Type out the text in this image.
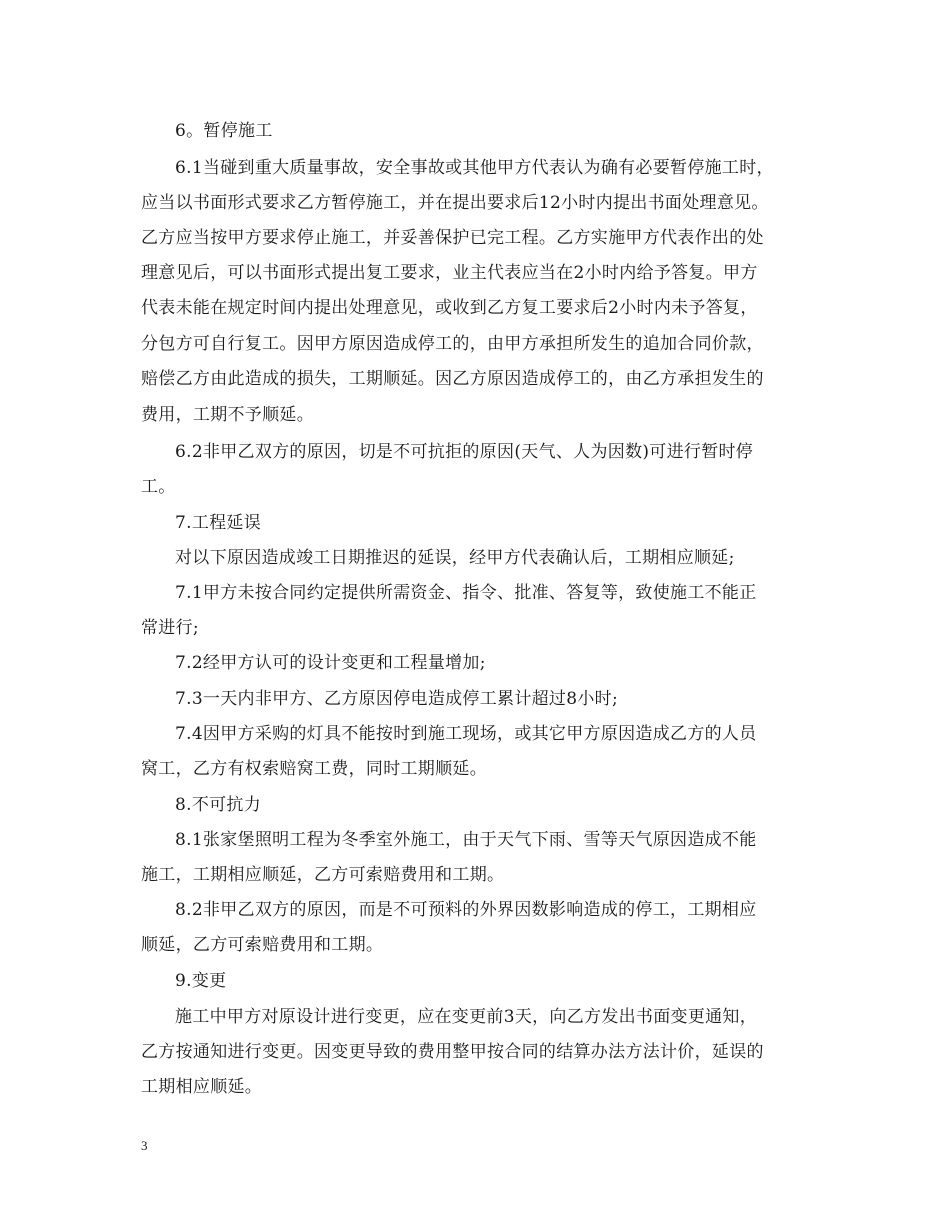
6。暂停施工
6.1当碰到重大质量事故，安全事故或其他甲方代表认为确有必要暂停施工时，
应当以书面形式要求乙方暂停施工，并在提出要求后12小时内提出书面处理意见。
乙方应当按甲方要求停止施工，并妥善保护已完工程。乙方实施甲方代表作出的处
理意见后，可以书面形式提出复工要求，业主代表应当在2小时内给予答复。甲方
代表未能在规定时间内提出处理意见，或收到乙方复工要求后2小时内未予答复，
分包方可自行复工。因甲方原因造成停工的，由甲方承担所发生的追加合同价款，
赔偿乙方由此造成的损失，工期顺延。因乙方原因造成停工的，由乙方承担发生的
费用，工期不予顺延。
6.2非甲乙双方的原因，切是不可抗拒的原因(天气、人为因数)可进行暂时停
工。
7.工程延误
对以下原因造成竣工日期推迟的延误，经甲方代表确认后，工期相应顺延;
7.1甲方未按合同约定提供所需资金、指令、批准、答复等，致使施工不能正
常进行;
7.2经甲方认可的设计变更和工程量增加;
7.3一天内非甲方、乙方原因停电造成停工累计超过8小时;
7.4因甲方采购的灯具不能按时到施工现场，或其它甲方原因造成乙方的人员
窝工，乙方有权索赔窝工费，同时工期顺延。
8.不可抗力
8.1张家堡照明工程为冬季室外施工，由于天气下雨、雪等天气原因造成不能
施工，工期相应顺延，乙方可索赔费用和工期。
8.2非甲乙双方的原因，而是不可预料的外界因数影响造成的停工，工期相应
顺延，乙方可索赔费用和工期。
9.变更
施工中甲方对原设计进行变更，应在变更前3天，向乙方发出书面变更通知，
乙方按通知进行变更。因变更导致的费用整甲按合同的结算办法方法计价，延误的
工期相应顺延。
3
